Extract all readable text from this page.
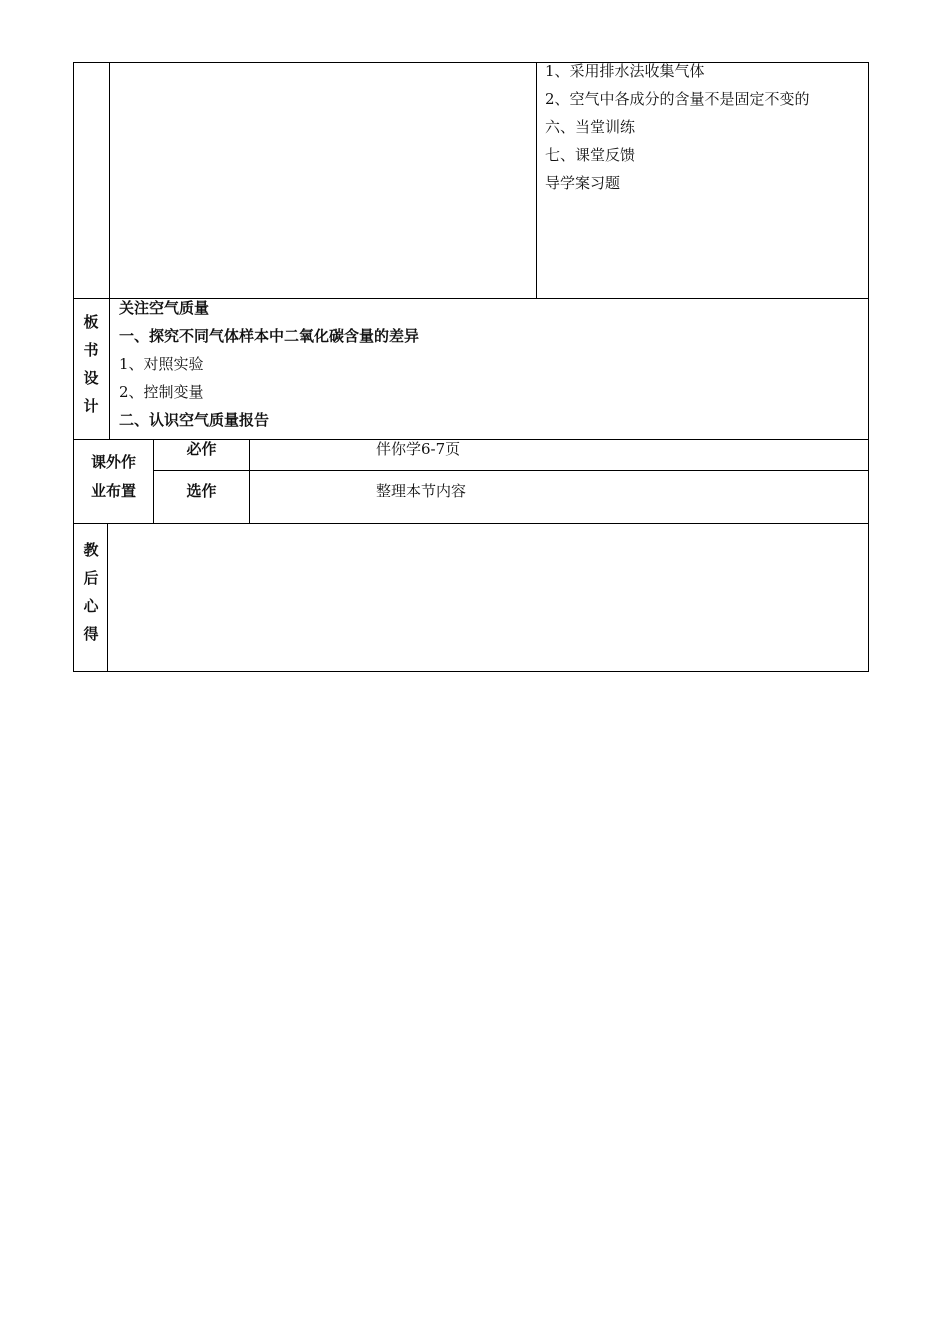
1、采用排水法收集气体
2、空气中各成分的含量不是固定不变的
六、当堂训练
七、课堂反馈
导学案习题
板
书
设
计
关注空气质量
一、探究不同气体样本中二氧化碳含量的差异
1、对照实验
2、控制变量
二、认识空气质量报告
课外作
业布置
必作	伴你学6-7页
选作	整理本节内容
教
后
心
得
